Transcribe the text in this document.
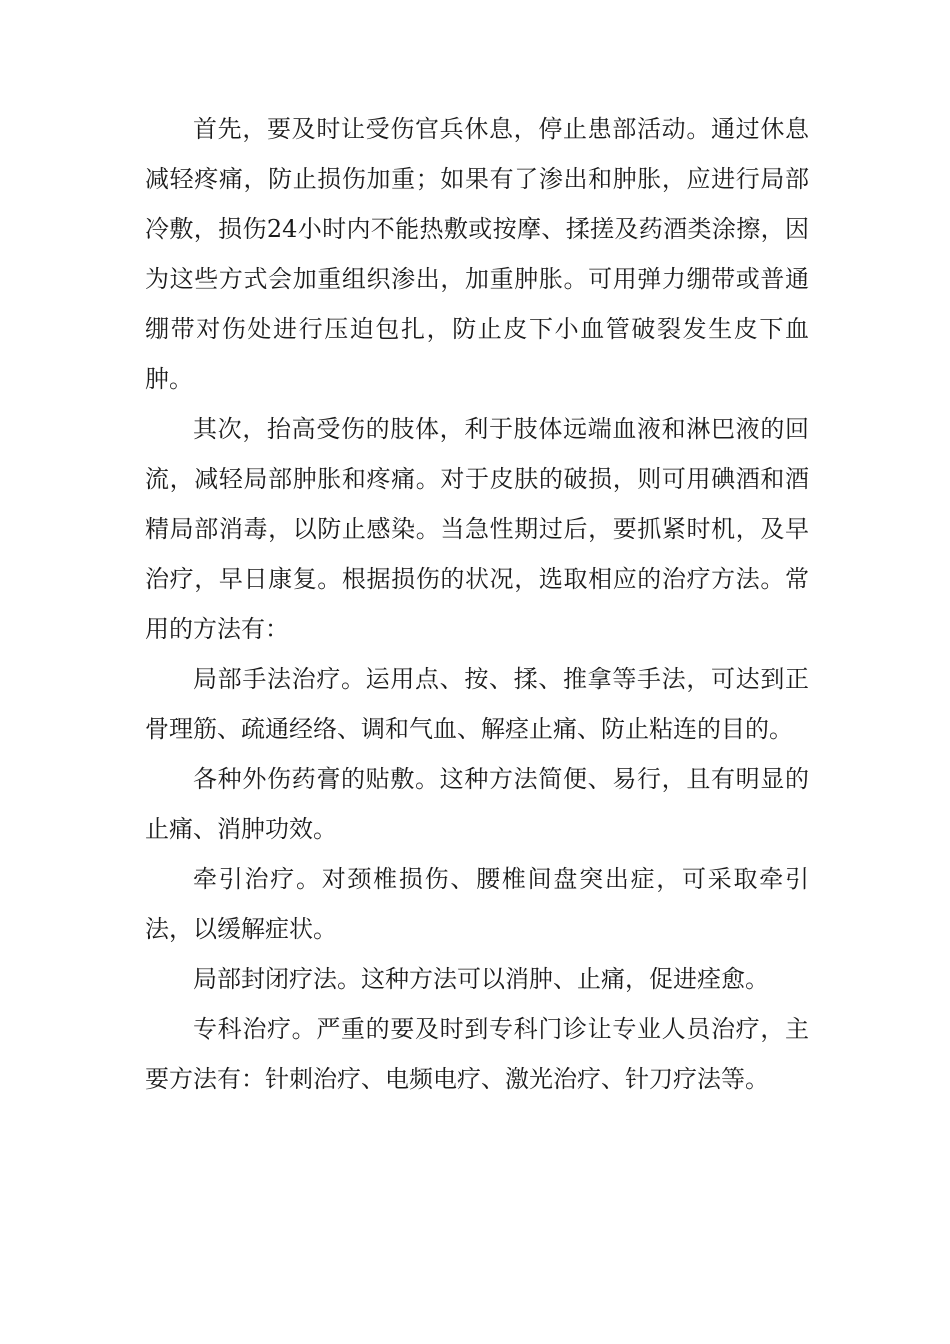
首先，要及时让受伤官兵休息，停止患部活动。通过休息减轻疼痛，防止损伤加重；如果有了渗出和肿胀，应进行局部冷敷，损伤24小时内不能热敷或按摩、揉搓及药酒类涂擦，因为这些方式会加重组织渗出，加重肿胀。可用弹力绷带或普通绷带对伤处进行压迫包扎，防止皮下小血管破裂发生皮下血肿。

其次，抬高受伤的肢体，利于肢体远端血液和淋巴液的回流，减轻局部肿胀和疼痛。对于皮肤的破损，则可用碘酒和酒精局部消毒，以防止感染。当急性期过后，要抓紧时机，及早治疗，早日康复。根据损伤的状况，选取相应的治疗方法。常用的方法有：

局部手法治疗。运用点、按、揉、推拿等手法，可达到正骨理筋、疏通经络、调和气血、解痉止痛、防止粘连的目的。

各种外伤药膏的贴敷。这种方法简便、易行，且有明显的止痛、消肿功效。

牵引治疗。对颈椎损伤、腰椎间盘突出症，可采取牵引法，以缓解症状。

局部封闭疗法。这种方法可以消肿、止痛，促进痊愈。

专科治疗。严重的要及时到专科门诊让专业人员治疗，主要方法有：针刺治疗、电频电疗、激光治疗、针刀疗法等。
